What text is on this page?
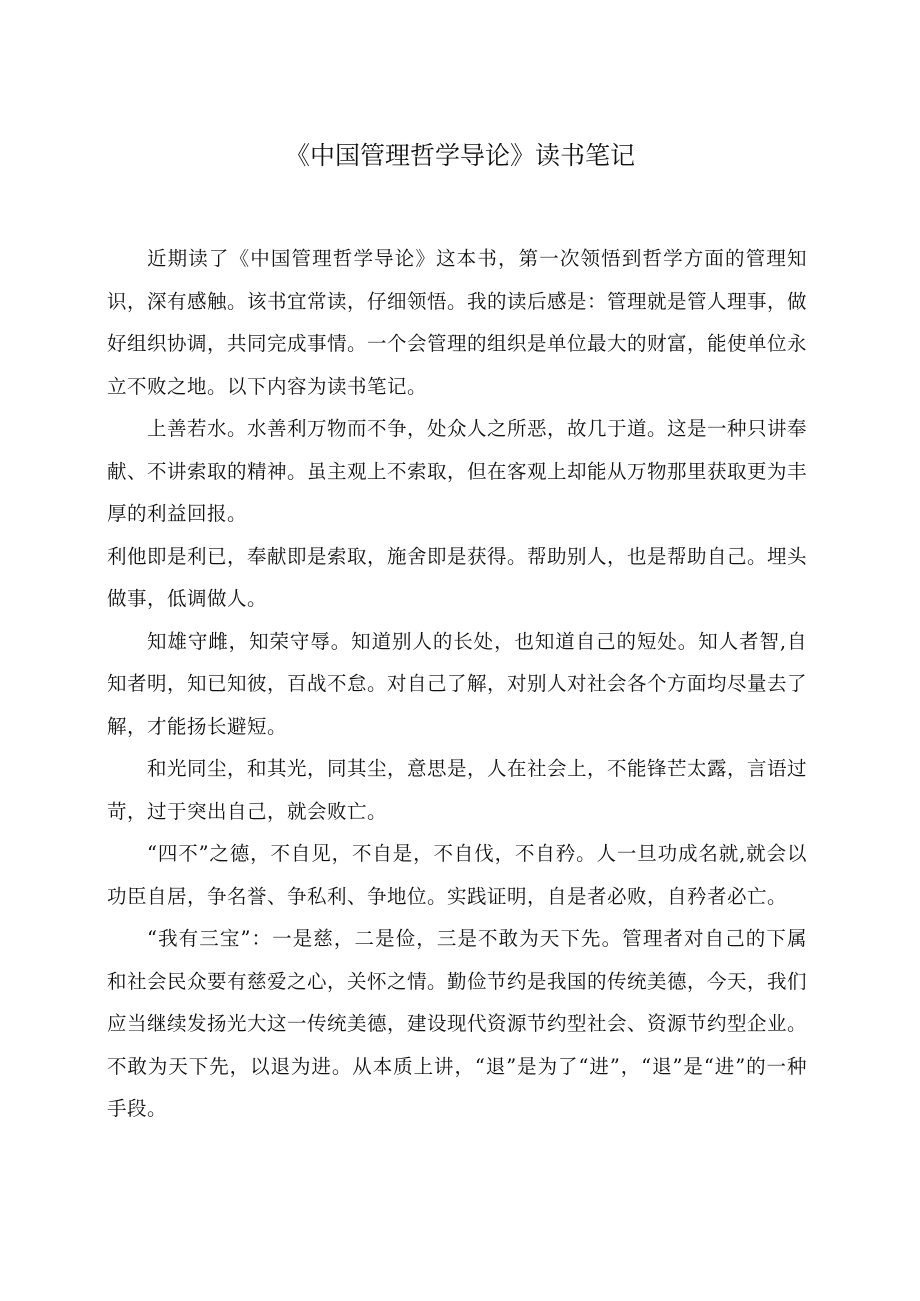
《中国管理哲学导论》读书笔记

近期读了《中国管理哲学导论》这本书，第一次领悟到哲学方面的管理知识，深有感触。该书宜常读，仔细领悟。我的读后感是：管理就是管人理事，做好组织协调，共同完成事情。一个会管理的组织是单位最大的财富，能使单位永立不败之地。以下内容为读书笔记。

上善若水。水善利万物而不争，处众人之所恶，故几于道。这是一种只讲奉献、不讲索取的精神。虽主观上不索取，但在客观上却能从万物那里获取更为丰厚的利益回报。

利他即是利已，奉献即是索取，施舍即是获得。帮助别人，也是帮助自己。埋头做事，低调做人。

知雄守雌，知荣守辱。知道别人的长处，也知道自己的短处。知人者智,自知者明，知已知彼，百战不怠。对自己了解，对别人对社会各个方面均尽量去了解，才能扬长避短。

和光同尘，和其光，同其尘，意思是，人在社会上，不能锋芒太露，言语过苛，过于突出自己，就会败亡。

“四不”之德，不自见，不自是，不自伐，不自矜。人一旦功成名就,就会以功臣自居，争名誉、争私利、争地位。实践证明，自是者必败，自矜者必亡。

“我有三宝”：一是慈，二是俭，三是不敢为天下先。管理者对自己的下属和社会民众要有慈爱之心，关怀之情。勤俭节约是我国的传统美德，今天，我们应当继续发扬光大这一传统美德，建设现代资源节约型社会、资源节约型企业。

不敢为天下先，以退为进。从本质上讲，“退”是为了“进”，“退”是“进”的一种手段。
